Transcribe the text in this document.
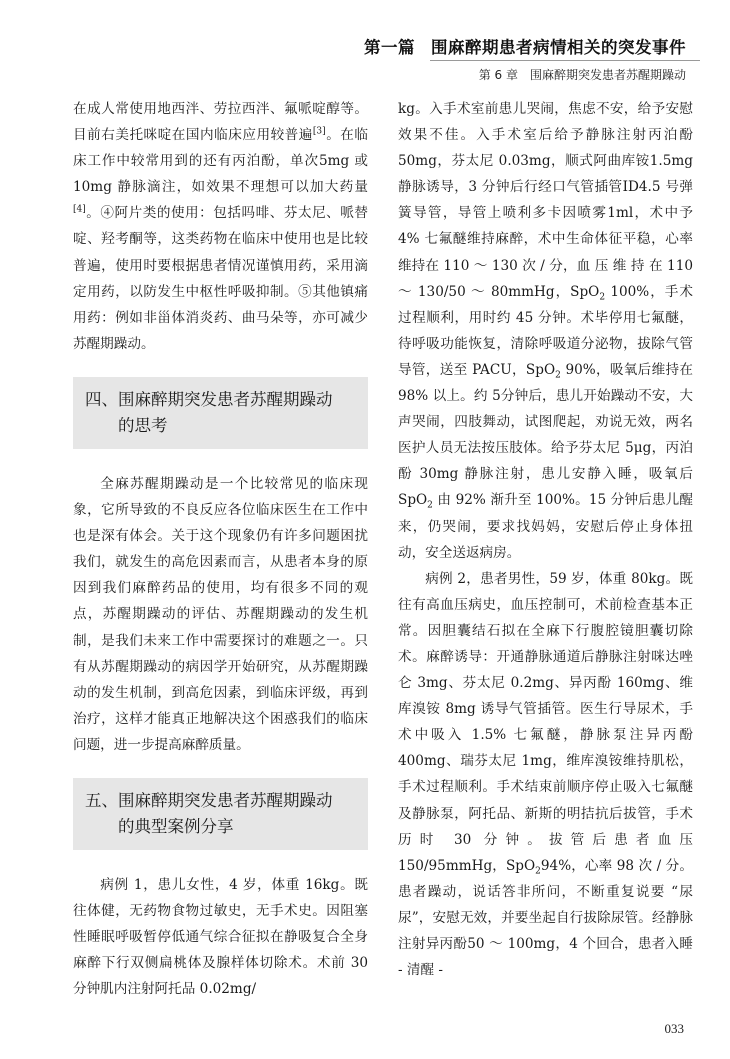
第一篇 围麻醉期患者病情相关的突发事件
第 6 章 围麻醉期突发患者苏醒期躁动

在成人常使用地西泮、劳拉西泮、氟哌啶醇等。目前右美托咪啶在国内临床应用较普遍[3]。在临床工作中较常用到的还有丙泊酚，单次5mg 或 10mg 静脉滴注，如效果不理想可以加大药量[4]。④阿片类的使用：包括吗啡、芬太尼、哌替啶、羟考酮等，这类药物在临床中使用也是比较普遍，使用时要根据患者情况谨慎用药，采用滴定用药，以防发生中枢性呼吸抑制。⑤其他镇痛用药：例如非甾体消炎药、曲马朵等，亦可减少苏醒期躁动。

四、围麻醉期突发患者苏醒期躁动
的思考

全麻苏醒期躁动是一个比较常见的临床现象，它所导致的不良反应各位临床医生在工作中也是深有体会。关于这个现象仍有许多问题困扰我们，就发生的高危因素而言，从患者本身的原因到我们麻醉药品的使用，均有很多不同的观点，苏醒期躁动的评估、苏醒期躁动的发生机制，是我们未来工作中需要探讨的难题之一。只有从苏醒期躁动的病因学开始研究，从苏醒期躁动的发生机制，到高危因素，到临床评级，再到治疗，这样才能真正地解决这个困惑我们的临床问题，进一步提高麻醉质量。

五、围麻醉期突发患者苏醒期躁动
的典型案例分享

病例 1，患儿女性，4 岁，体重 16kg。既往体健，无药物食物过敏史，无手术史。因阻塞性睡眠呼吸暂停低通气综合征拟在静吸复合全身麻醉下行双侧扁桃体及腺样体切除术。术前 30 分钟肌内注射阿托品 0.02mg/

kg。入手术室前患儿哭闹，焦虑不安，给予安慰效果不佳。入手术室后给予静脉注射丙泊酚 50mg，芬太尼 0.03mg，顺式阿曲库铵1.5mg 静脉诱导，3 分钟后行经口气管插管ID4.5 号弹簧导管，导管上喷利多卡因喷雾1ml，术中予 4% 七氟醚维持麻醉，术中生命体征平稳，心率维持在 110 ～ 130 次 / 分，血 压 维 持 在 110 ～ 130/50 ～ 80mmHg，SpO$_2$ 100%，手术过程顺利，用时约 45 分钟。术毕停用七氟醚，待呼吸功能恢复，清除呼吸道分泌物，拔除气管导管，送至 PACU，SpO$_2$ 90%，吸氧后维持在 98% 以上。约 5分钟后，患儿开始躁动不安，大声哭闹，四肢舞动，试图爬起，劝说无效，两名医护人员无法按压肢体。给予芬太尼 5μg，丙泊酚 30mg 静脉注射，患儿安静入睡，吸氧后SpO$_2$ 由 92% 渐升至 100%。15 分钟后患儿醒来，仍哭闹，要求找妈妈，安慰后停止身体扭动，安全送返病房。

病例 2，患者男性，59 岁，体重 80kg。既往有高血压病史，血压控制可，术前检查基本正常。因胆囊结石拟在全麻下行腹腔镜胆囊切除术。麻醉诱导：开通静脉通道后静脉注射咪达唑仑 3mg、芬太尼 0.2mg、异丙酚 160mg、维库溴铵 8mg 诱导气管插管。医生行导尿术，手术中吸入 1.5% 七氟醚，静脉泵注异丙酚 400mg、瑞芬太尼 1mg，维库溴铵维持肌松，手术过程顺利。手术结束前顺序停止吸入七氟醚及静脉泵，阿托品、新斯的明拮抗后拔管，手术历时 30 分钟。拔管后患者血压 150/95mmHg，SpO$_2$94%，心率 98 次 / 分。患者躁动，说话答非所问，不断重复说要 “尿尿”，安慰无效，并要坐起自行拔除尿管。经静脉注射异丙酚50 ～ 100mg，4 个回合，患者入睡 - 清醒 -

033
